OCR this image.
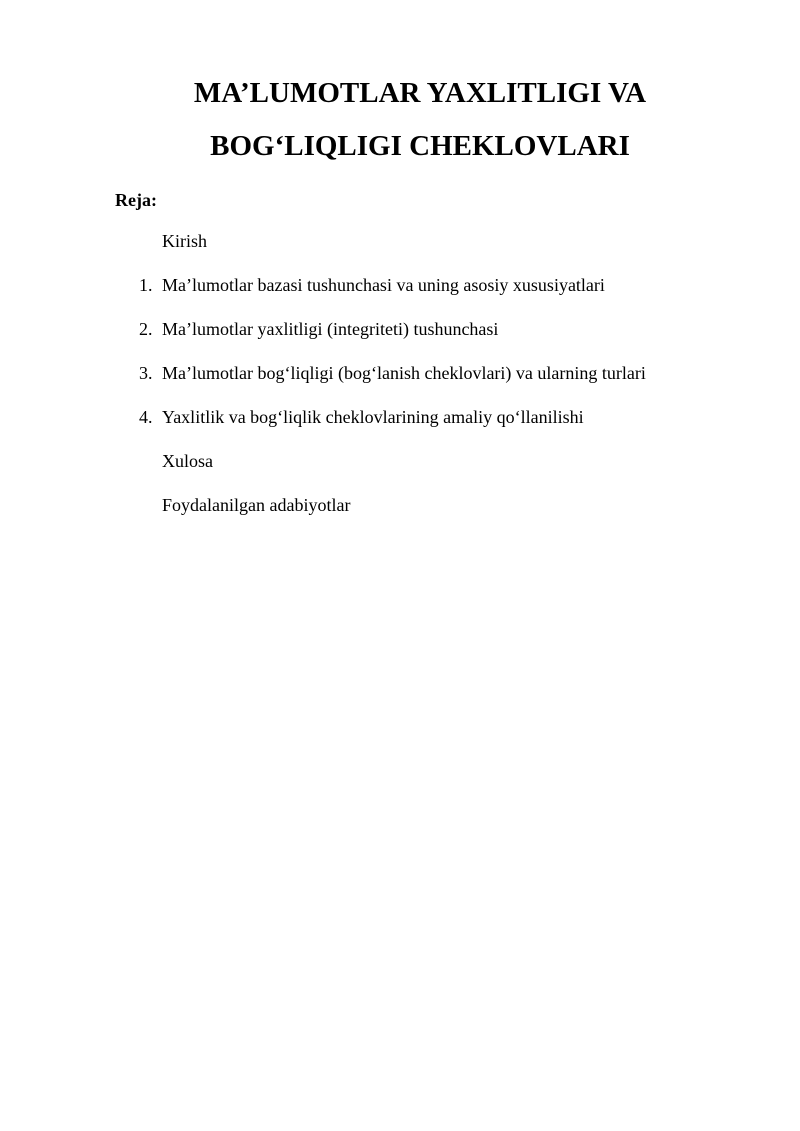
MA’LUMOTLAR YAXLITLIGI VA
BOG‘LIQLIGI CHEKLOVLARI

Reja:

Kirish
1. Ma’lumotlar bazasi tushunchasi va uning asosiy xususiyatlari
2. Ma’lumotlar yaxlitligi (integriteti) tushunchasi
3. Ma’lumotlar bog‘liqligi (bog‘lanish cheklovlari) va ularning turlari
4. Yaxlitlik va bog‘liqlik cheklovlarining amaliy qo‘llanilishi
Xulosa
Foydalanilgan adabiyotlar
